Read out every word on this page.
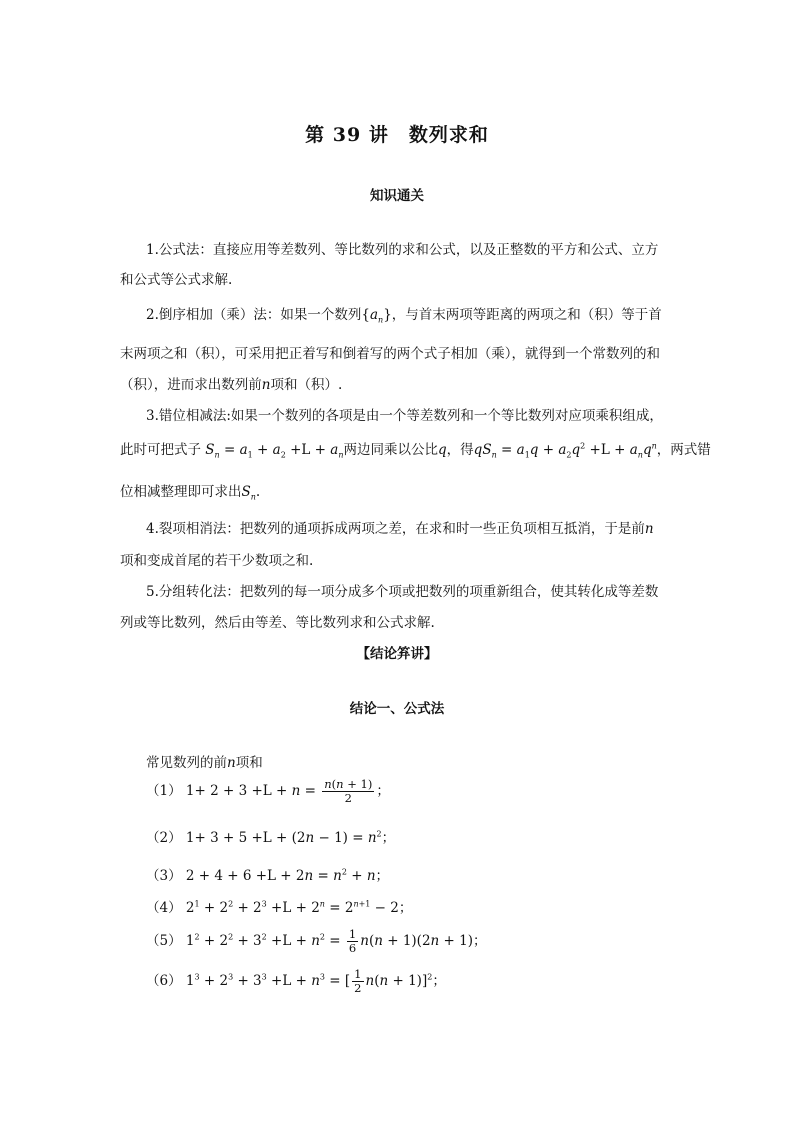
第 39 讲　数列求和
知识通关
1.公式法：直接应用等差数列、等比数列的求和公式，以及正整数的平方和公式、立方
和公式等公式求解.
2.倒序相加（乘）法：如果一个数列$\{a_n\}$，与首末两项等距离的两项之和（积）等于首
末两项之和（积），可采用把正着写和倒着写的两个式子相加（乘），就得到一个常数列的和
（积），进而求出数列前n项和（积）.
3.错位相减法:如果一个数列的各项是由一个等差数列和一个等比数列对应项乘积组成，
此时可把式子 $S_n = a_1 + a_2 +L + a_n$两边同乘以公比q，得$qS_n = a_1q + a_2q^2 +L + a_nq^n$，两式错
位相减整理即可求出$S_n$.
4.裂项相消法：把数列的通项拆成两项之差，在求和时一些正负项相互抵消，于是前n
项和变成首尾的若干少数项之和.
5.分组转化法：把数列的每一项分成多个项或把数列的项重新组合，使其转化成等差数
列或等比数列，然后由等差、等比数列求和公式求解.
【结论笲讲】
结论一、公式法
常见数列的前n项和
（1） $1+ 2 + 3 +L + n = \frac{n(n + 1)}{2}$ ；
（2） $1+ 3 + 5 +L + (2n - 1) = n^2$；
（3） $2 + 4 + 6 +L + 2n = n^2 + n$；
（4） $2^1 + 2^2 + 2^3 +L + 2^n = 2^{n+1} - 2$；
（5） $1^2 + 2^2 + 3^2 +L + n^2 = \frac{1}{6} n(n + 1)(2n + 1)$；
（6） $1^3 + 2^3 + 3^3 +L + n^3$ = [ $\frac{1}{2} n(n + 1)]^2$；
